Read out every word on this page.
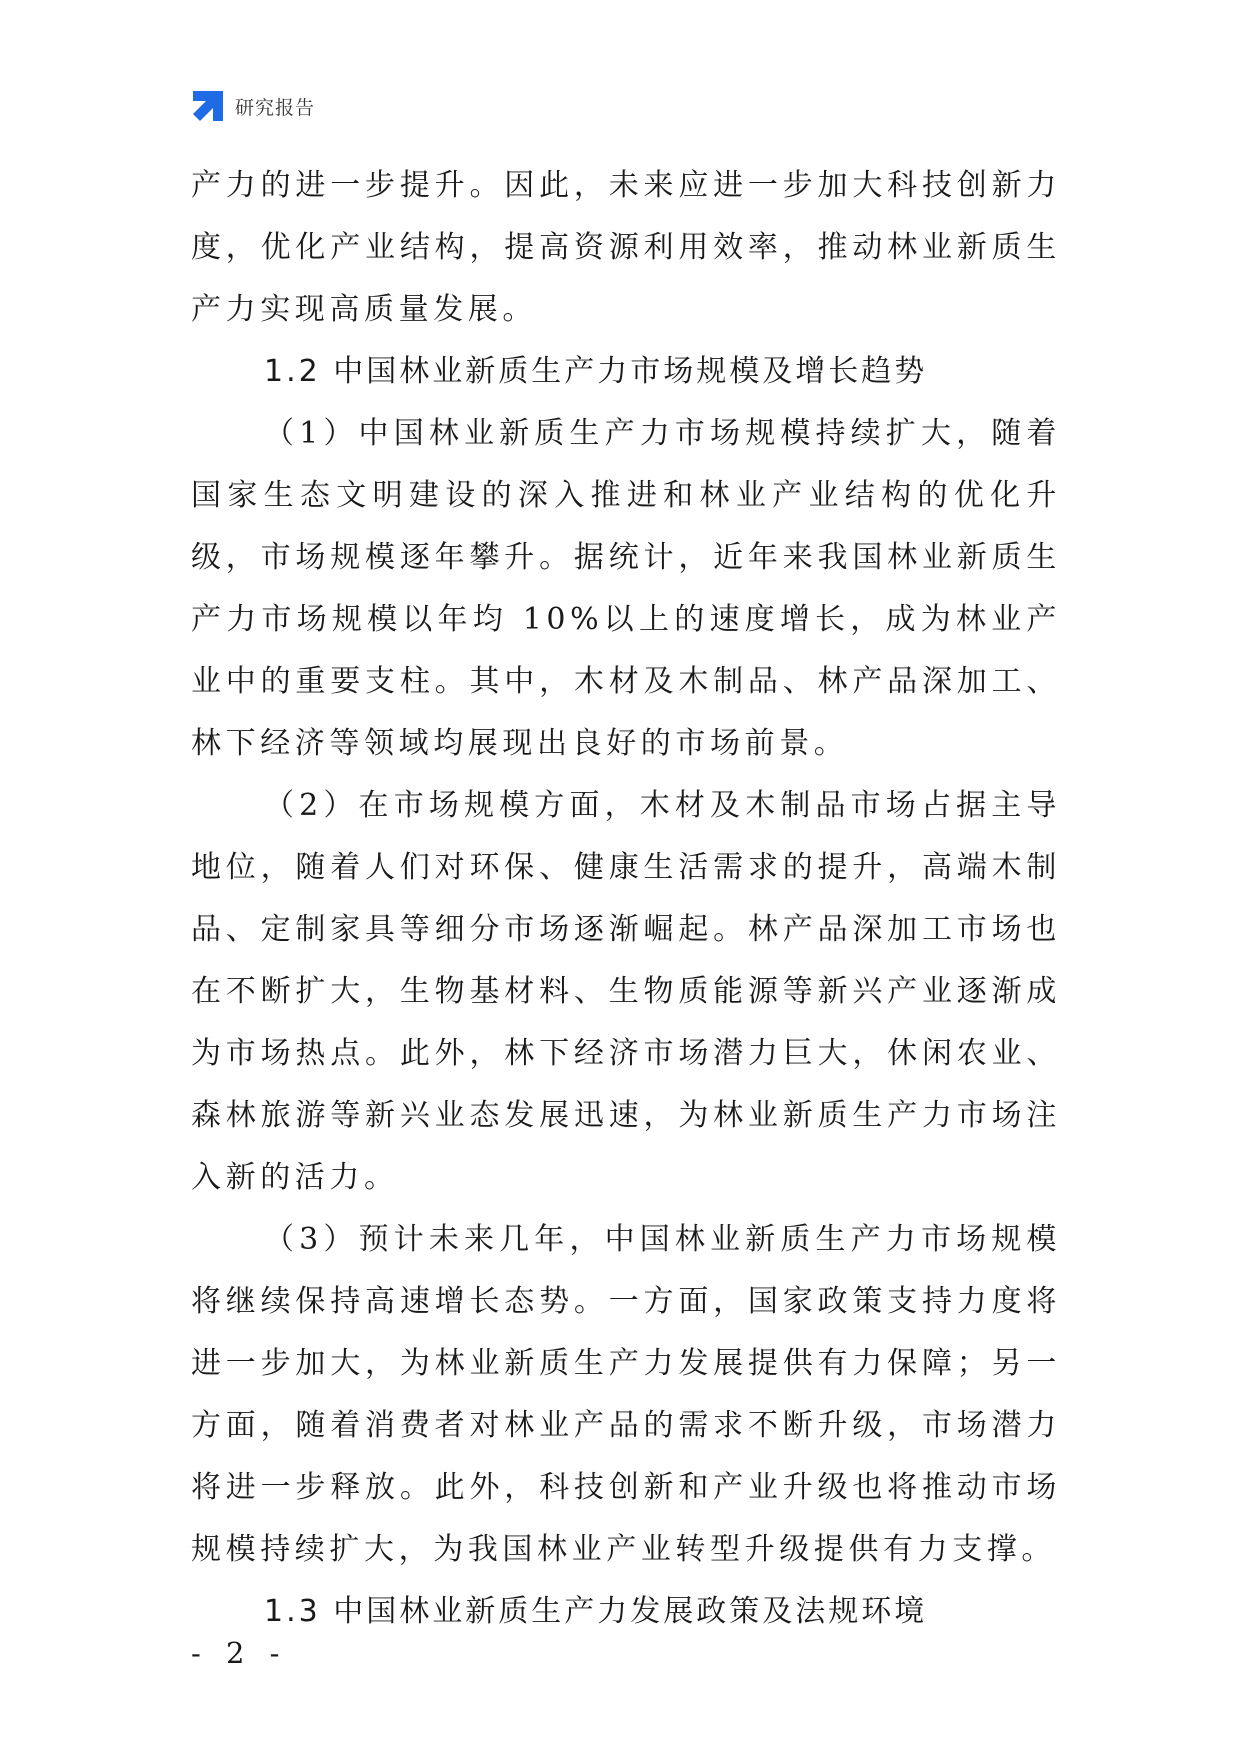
研究报告

产力的进一步提升。因此，未来应进一步加大科技创新力度，优化产业结构，提高资源利用效率，推动林业新质生产力实现高质量发展。

1.2 中国林业新质生产力市场规模及增长趋势

（1）中国林业新质生产力市场规模持续扩大，随着国家生态文明建设的深入推进和林业产业结构的优化升级，市场规模逐年攀升。据统计，近年来我国林业新质生产力市场规模以年均 10%以上的速度增长，成为林业产业中的重要支柱。其中，木材及木制品、林产品深加工、林下经济等领域均展现出良好的市场前景。

（2）在市场规模方面，木材及木制品市场占据主导地位，随着人们对环保、健康生活需求的提升，高端木制品、定制家具等细分市场逐渐崛起。林产品深加工市场也在不断扩大，生物基材料、生物质能源等新兴产业逐渐成为市场热点。此外，林下经济市场潜力巨大，休闲农业、森林旅游等新兴业态发展迅速，为林业新质生产力市场注入新的活力。

（3）预计未来几年，中国林业新质生产力市场规模将继续保持高速增长态势。一方面，国家政策支持力度将进一步加大，为林业新质生产力发展提供有力保障；另一方面，随着消费者对林业产品的需求不断升级，市场潜力将进一步释放。此外，科技创新和产业升级也将推动市场规模持续扩大，为我国林业产业转型升级提供有力支撑。

1.3 中国林业新质生产力发展政策及法规环境
- 2 -
